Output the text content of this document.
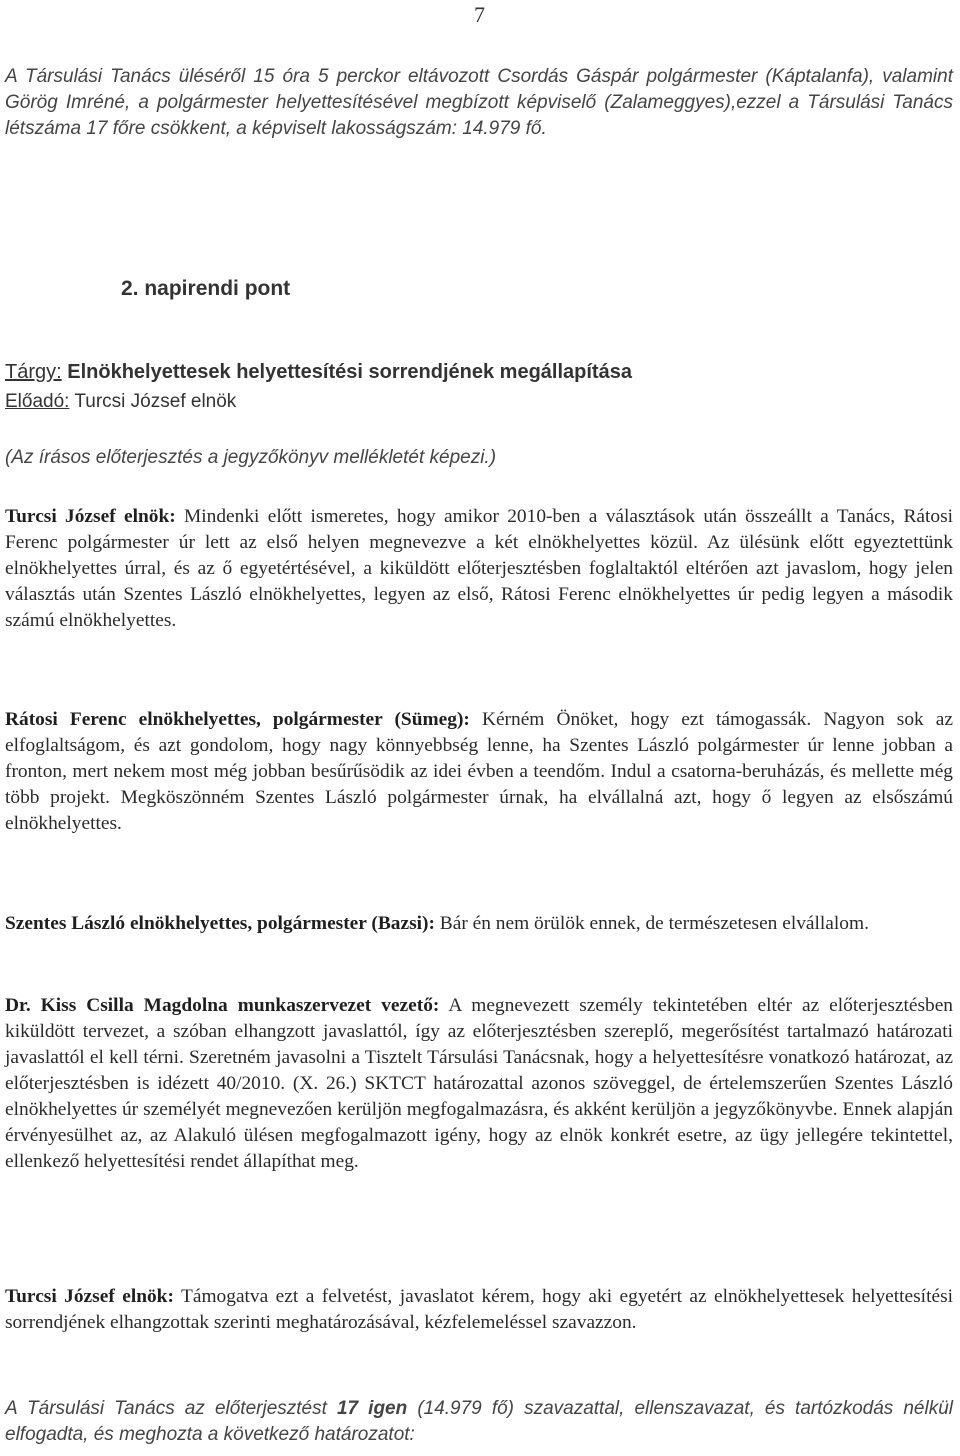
7

A Társulási Tanács üléséről 15 óra 5 perckor eltávozott Csordás Gáspár polgármester (Káptalanfa), valamint Görög Imréné, a polgármester helyettesítésével megbízott képviselő (Zalameggyes),ezzel a Társulási Tanács létszáma 17 főre csökkent, a képviselt lakosságszám: 14.979 fő.

2. napirendi pont
Tárgy: Elnökhelyettesek helyettesítési sorrendjének megállapítása
Előadó: Turcsi József elnök
(Az írásos előterjesztés a jegyzőkönyv mellékletét képezi.)

Turcsi József elnök: Mindenki előtt ismeretes, hogy amikor 2010-ben a választások után összeállt a Tanács, Rátosi Ferenc polgármester úr lett az első helyen megnevezve a két elnökhelyettes közül. Az ülésünk előtt egyeztettünk elnökhelyettes úrral, és az ő egyetértésével, a kiküldött előterjesztésben foglaltaktól eltérően azt javaslom, hogy jelen választás után Szentes László elnökhelyettes, legyen az első, Rátosi Ferenc elnökhelyettes úr pedig legyen a második számú elnökhelyettes.

Rátosi Ferenc elnökhelyettes, polgármester (Sümeg): Kérném Önöket, hogy ezt támogassák. Nagyon sok az elfoglaltságom, és azt gondolom, hogy nagy könnyebbség lenne, ha Szentes László polgármester úr lenne jobban a fronton, mert nekem most még jobban besűrűsödik az idei évben a teendőm. Indul a csatorna-beruházás, és mellette még több projekt. Megköszönném Szentes László polgármester úrnak, ha elvállalná azt, hogy ő legyen az elsőszámú elnökhelyettes.

Szentes László elnökhelyettes, polgármester (Bazsi): Bár én nem örülök ennek, de természetesen elvállalom.

Dr. Kiss Csilla Magdolna munkaszervezet vezető: A megnevezett személy tekintetében eltér az előterjesztésben kiküldött tervezet, a szóban elhangzott javaslattól, így az előterjesztésben szereplő, megerősítést tartalmazó határozati javaslattól el kell térni. Szeretném javasolni a Tisztelt Társulási Tanácsnak, hogy a helyettesítésre vonatkozó határozat, az előterjesztésben is idézett 40/2010. (X. 26.) SKTCT határozattal azonos szöveggel, de értelemszerűen Szentes László elnökhelyettes úr személyét megnevezően kerüljön megfogalmazásra, és akként kerüljön a jegyzőkönyvbe. Ennek alapján érvényesülhet az, az Alakuló ülésen megfogalmazott igény, hogy az elnök konkrét esetre, az ügy jellegére tekintettel, ellenkező helyettesítési rendet állapíthat meg.

Turcsi József elnök: Támogatva ezt a felvetést, javaslatot kérem, hogy aki egyetért az elnökhelyettesek helyettesítési sorrendjének elhangzottak szerinti meghatározásával, kézfelemeléssel szavazzon.

A Társulási Tanács az előterjesztést 17 igen (14.979 fő) szavazattal, ellenszavazat, és tartózkodás nélkül elfogadta, és meghozta a következő határozatot:
